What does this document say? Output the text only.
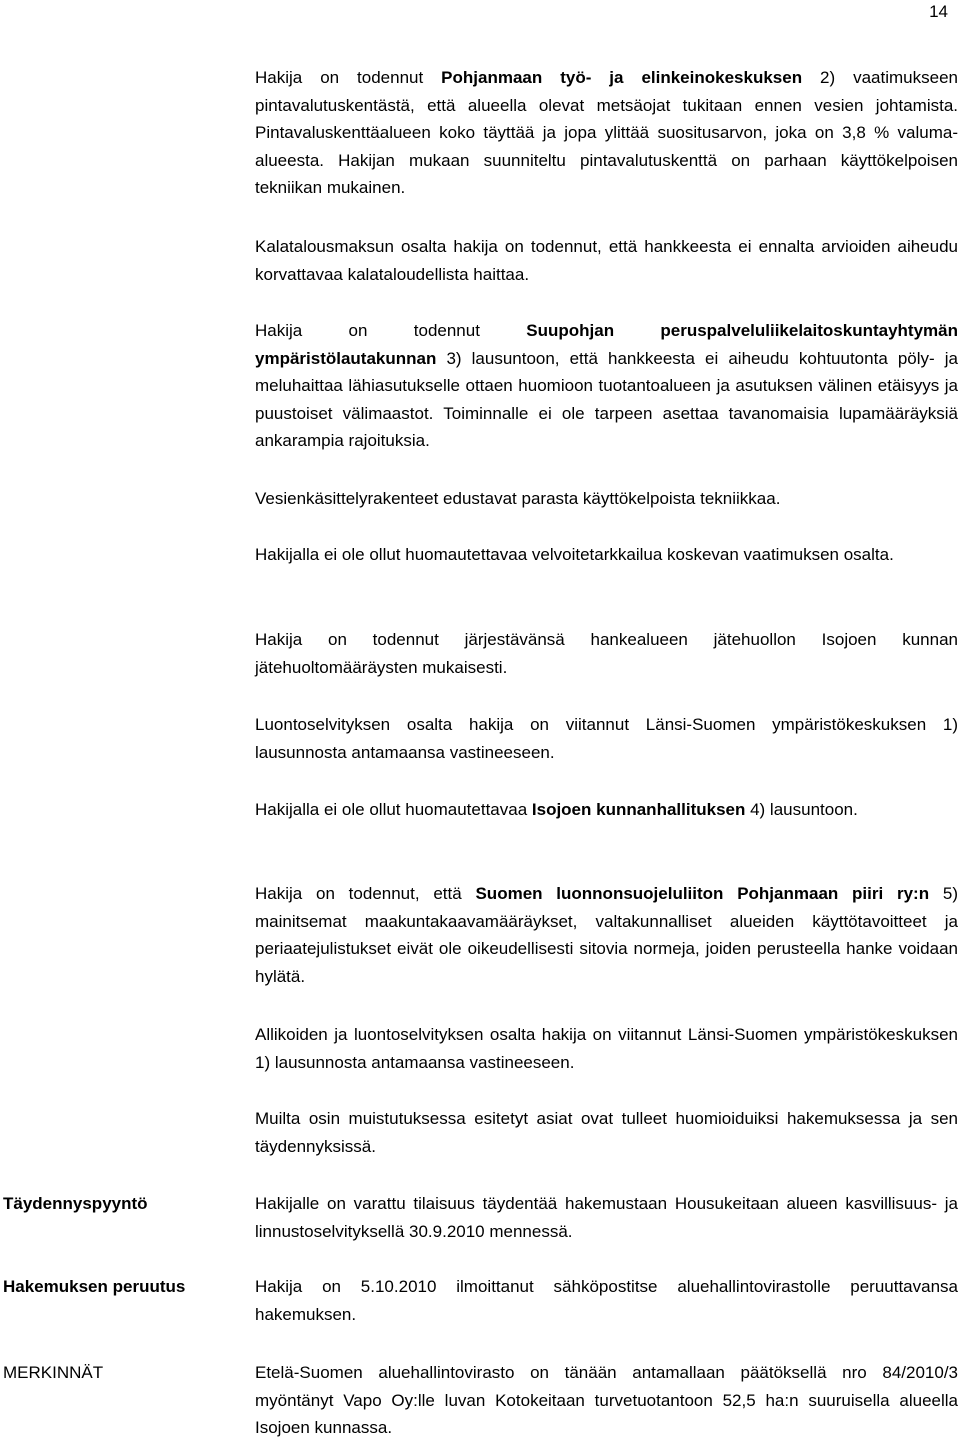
14

Hakija on todennut Pohjanmaan työ- ja elinkeinokeskuksen 2) vaatimukseen pintavalutuskentästä, että alueella olevat metsäojat tukitaan ennen vesien johtamista. Pintavaluskenttäalueen koko täyttää ja jopa ylittää suositusarvon, joka on 3,8 % valuma-alueesta. Hakijan mukaan suunniteltu pintavalutuskenttä on parhaan käyttökelpoisen tekniikan mukainen.

Kalatalousmaksun osalta hakija on todennut, että hankkeesta ei ennalta arvioiden aiheudu korvattavaa kalataloudellista haittaa.

Hakija on todennut Suupohjan peruspalveluliikelaitoskuntayhtymän ympäristölautakunnan 3) lausuntoon, että hankkeesta ei aiheudu kohtuutonta pöly- ja meluhaittaa lähiasutukselle ottaen huomioon tuotantoalueen ja asutuksen välinen etäisyys ja puustoiset välimaastot. Toiminnalle ei ole tarpeen asettaa tavanomaisia lupamääräyksiä ankarampia rajoituksia.

Vesienkäsittelyrakenteet edustavat parasta käyttökelpoista tekniikkaa.

Hakijalla ei ole ollut huomautettavaa velvoitetarkkailua koskevan vaatimuksen osalta.

Hakija on todennut järjestävänsä hankealueen jätehuollon Isojoen kunnan jätehuoltomääräysten mukaisesti.

Luontoselvityksen osalta hakija on viitannut Länsi-Suomen ympäristökeskuksen 1) lausunnosta antamaansa vastineeseen.

Hakijalla ei ole ollut huomautettavaa Isojoen kunnanhallituksen 4) lausuntoon.

Hakija on todennut, että Suomen luonnonsuojeluliiton Pohjanmaan piiri ry:n 5) mainitsemat maakuntakaavamääräykset, valtakunnalliset alueiden käyttötavoitteet ja periaatejulistukset eivät ole oikeudellisesti sitovia normeja, joiden perusteella hanke voidaan hylätä.

Allikoiden ja luontoselvityksen osalta hakija on viitannut Länsi-Suomen ympäristökeskuksen 1) lausunnosta antamaansa vastineeseen.

Muilta osin muistutuksessa esitetyt asiat ovat tulleet huomioiduiksi hakemuksessa ja sen täydennyksissä.

Täydennyspyyntö	Hakijalle on varattu tilaisuus täydentää hakemustaan Housukeitaan alueen kasvillisuus- ja linnustoselvityksellä 30.9.2010 mennessä.

Hakemuksen peruutus	Hakija on 5.10.2010 ilmoittanut sähköpostitse aluehallintovirastolle peruuttavansa hakemuksen.

MERKINNÄT	Etelä-Suomen aluehallintovirasto on tänään antamallaan päätöksellä nro 84/2010/3 myöntänyt Vapo Oy:lle luvan Kotokeitaan turvetuotantoon 52,5 ha:n suuruisella alueella Isojoen kunnassa.
